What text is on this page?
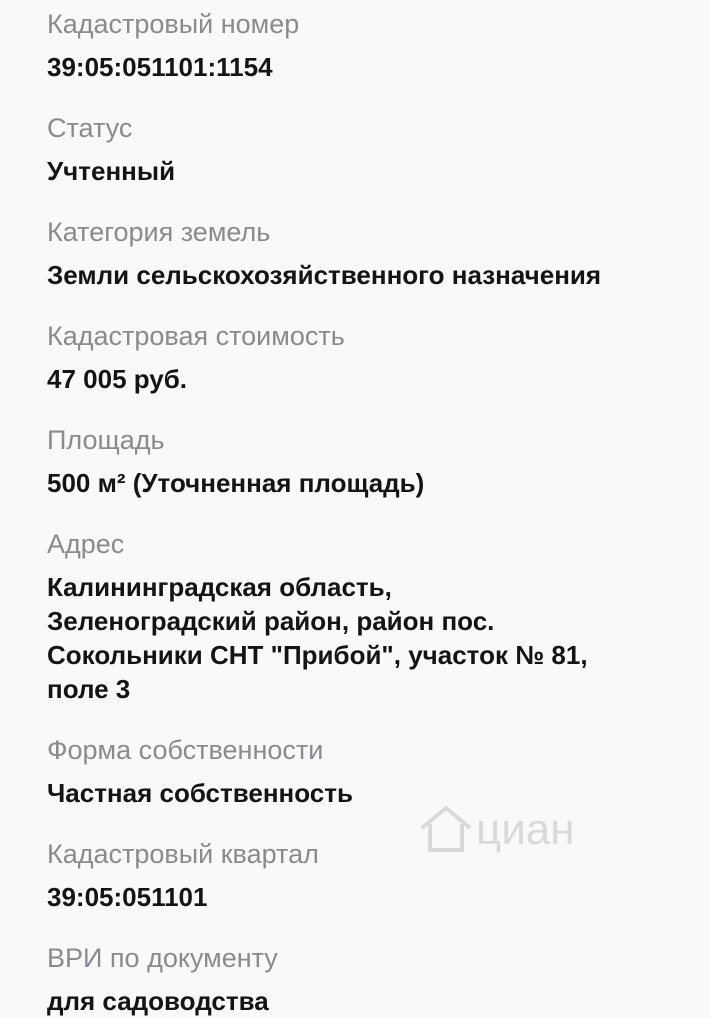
Кадастровый номер
39:05:051101:1154
Статус
Учтенный
Категория земель
Земли сельскохозяйственного назначения
Кадастровая стоимость
47 005 руб.
Площадь
500 м² (Уточненная площадь)
Адрес
Калининградская область,
Зеленоградский район, район пос.
Сокольники СНТ "Прибой", участок № 81,
поле 3
Форма собственности
Частная собственность
Кадастровый квартал
39:05:051101
ВРИ по документу
для садоводства
циан
